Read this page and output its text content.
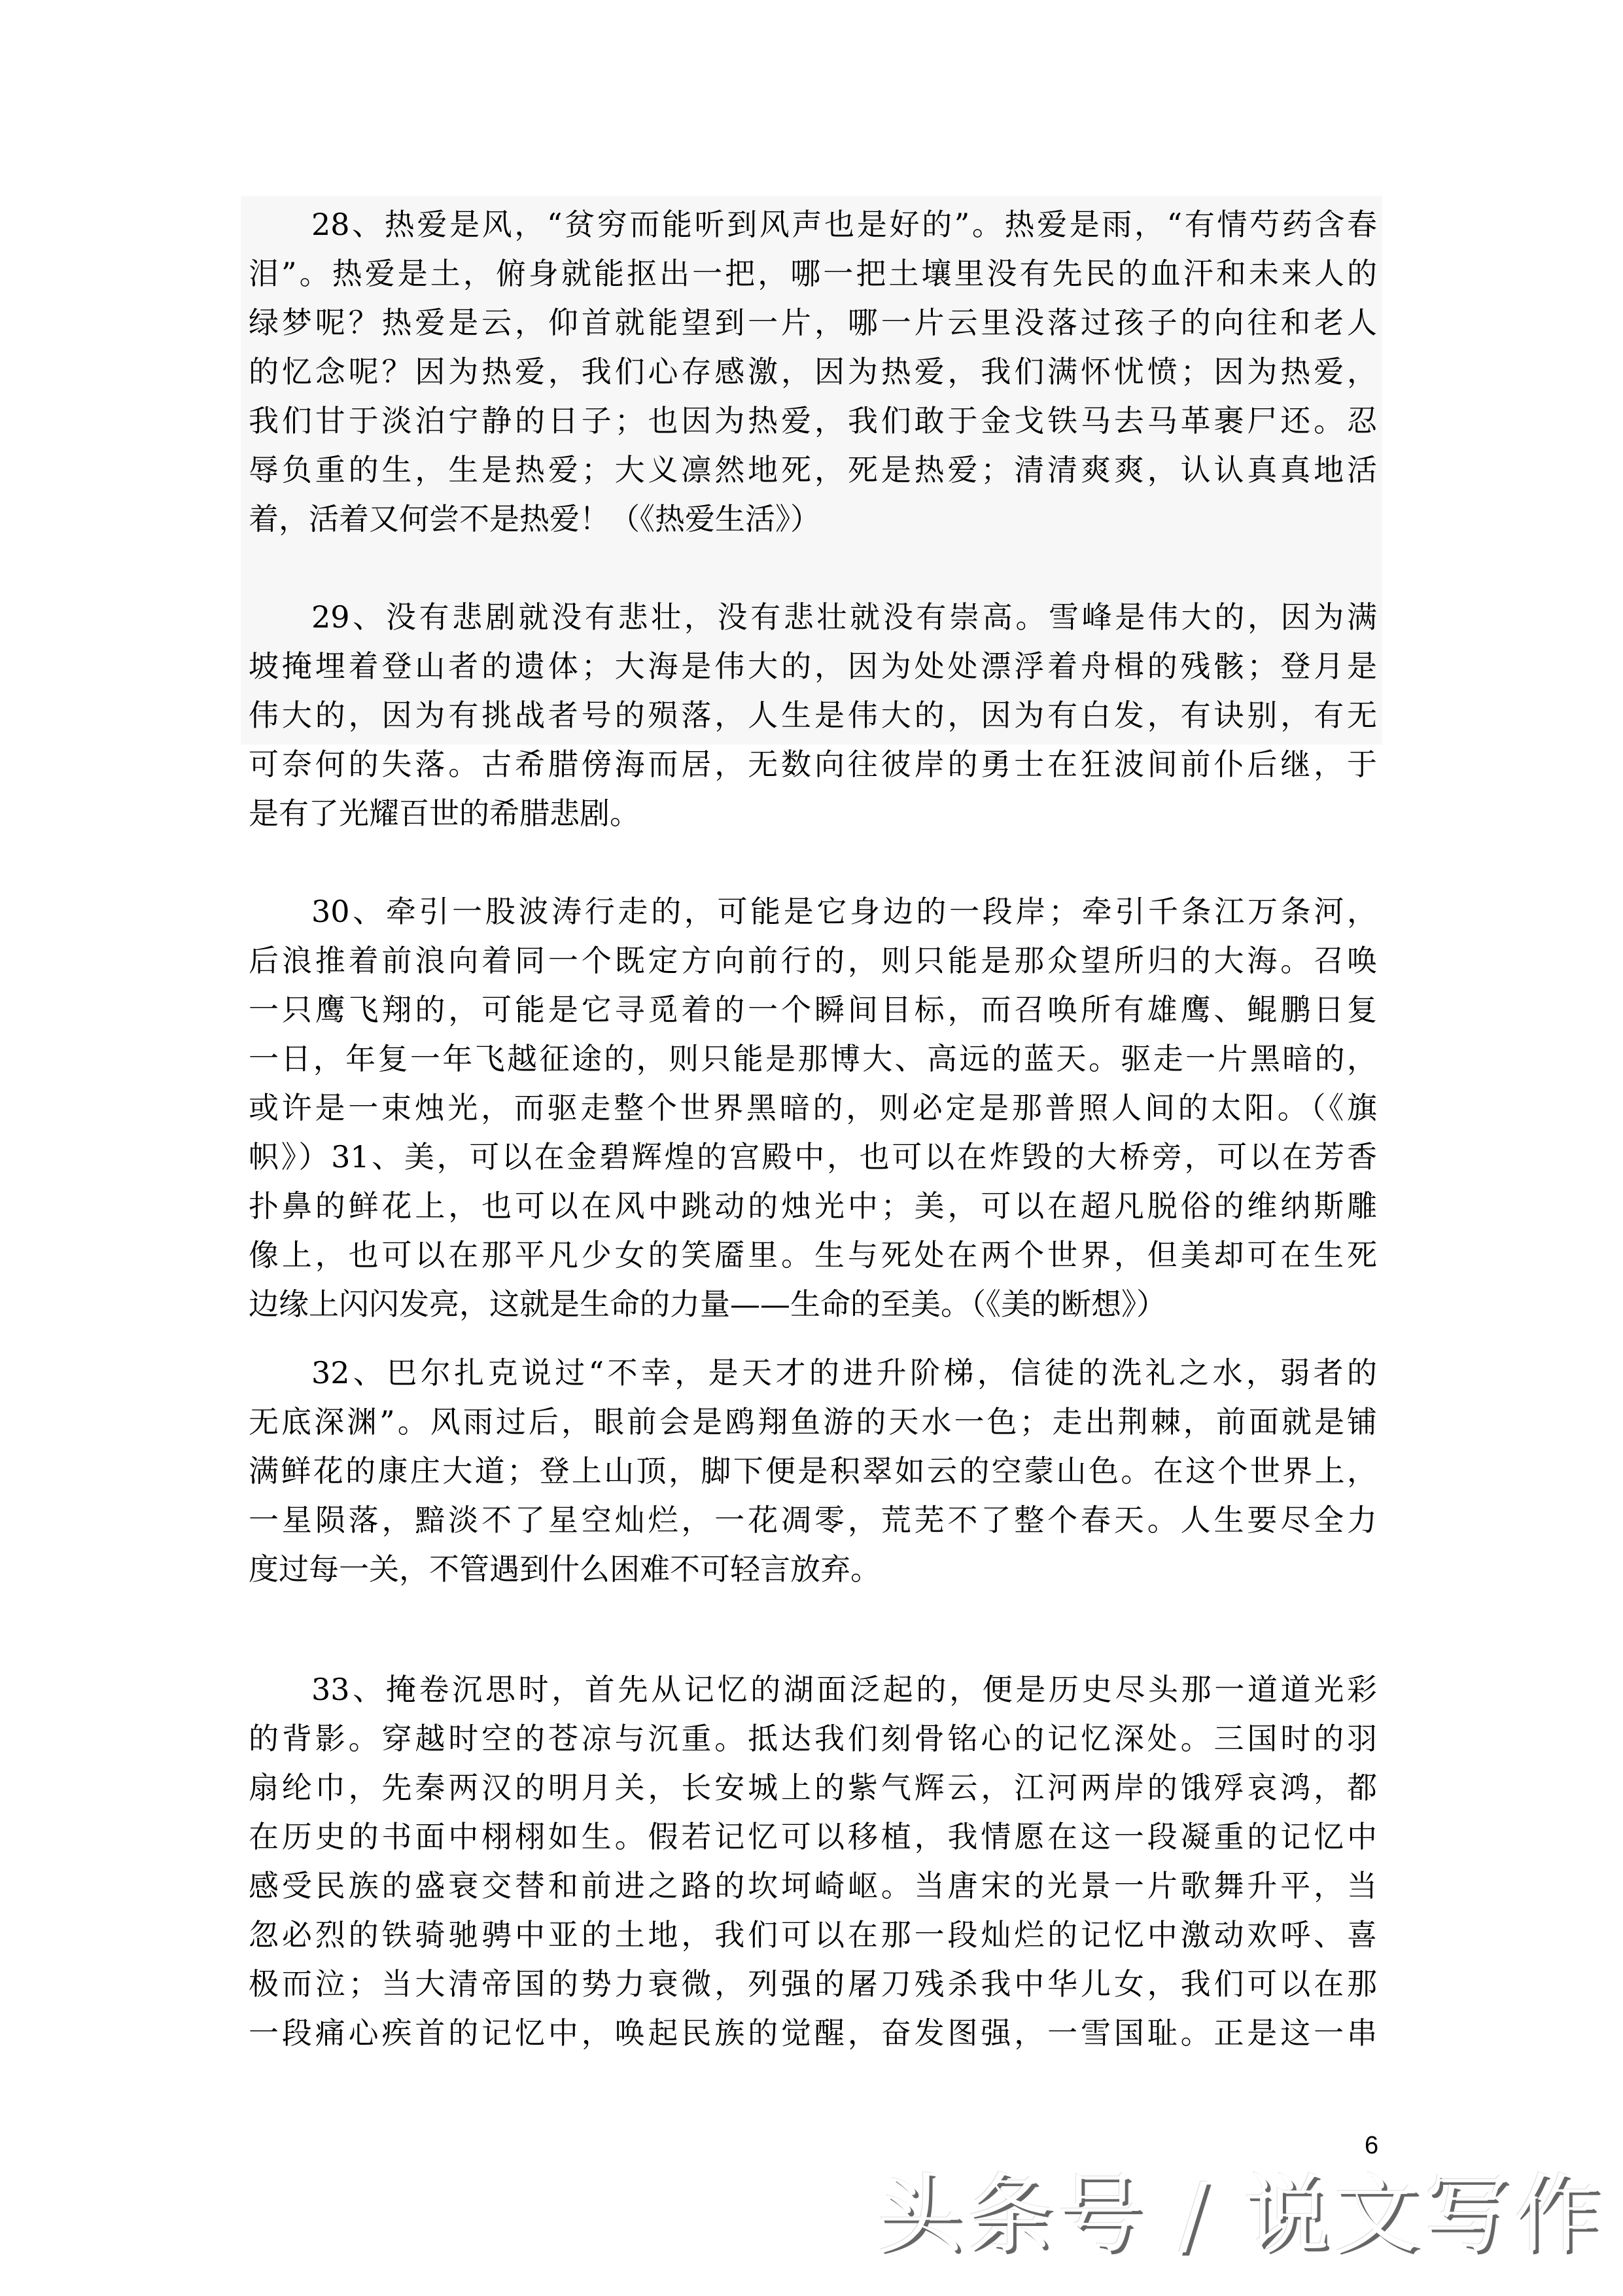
28、热爱是风，“贫穷而能听到风声也是好的”。热爱是雨，“有情芍药含春
泪”。热爱是土，俯身就能抠出一把，哪一把土壤里没有先民的血汗和未来人的
绿梦呢？热爱是云，仰首就能望到一片，哪一片云里没落过孩子的向往和老人
的忆念呢？因为热爱，我们心存感激，因为热爱，我们满怀忧愤；因为热爱，
我们甘于淡泊宁静的日子；也因为热爱，我们敢于金戈铁马去马革裹尸还。忍
辱负重的生，生是热爱；大义凛然地死，死是热爱；清清爽爽，认认真真地活
着，活着又何尝不是热爱！（《热爱生活》）
29、没有悲剧就没有悲壮，没有悲壮就没有崇高。雪峰是伟大的，因为满
坡掩埋着登山者的遗体；大海是伟大的，因为处处漂浮着舟楫的残骸；登月是
伟大的，因为有挑战者号的殒落，人生是伟大的，因为有白发，有诀别，有无
可奈何的失落。古希腊傍海而居，无数向往彼岸的勇士在狂波间前仆后继，于
是有了光耀百世的希腊悲剧。
30、牵引一股波涛行走的，可能是它身边的一段岸；牵引千条江万条河，
后浪推着前浪向着同一个既定方向前行的，则只能是那众望所归的大海。召唤
一只鹰飞翔的，可能是它寻觅着的一个瞬间目标，而召唤所有雄鹰、鲲鹏日复
一日，年复一年飞越征途的，则只能是那博大、高远的蓝天。驱走一片黑暗的，
或许是一束烛光，而驱走整个世界黑暗的，则必定是那普照人间的太阳。（《旗
帜》）31、美，可以在金碧辉煌的宫殿中，也可以在炸毁的大桥旁，可以在芳香
扑鼻的鲜花上，也可以在风中跳动的烛光中；美，可以在超凡脱俗的维纳斯雕
像上，也可以在那平凡少女的笑靥里。生与死处在两个世界，但美却可在生死
边缘上闪闪发亮，这就是生命的力量——生命的至美。（《美的断想》）
32、巴尔扎克说过“不幸，是天才的进升阶梯，信徒的洗礼之水，弱者的
无底深渊”。风雨过后，眼前会是鸥翔鱼游的天水一色；走出荆棘，前面就是铺
满鲜花的康庄大道；登上山顶，脚下便是积翠如云的空蒙山色。在这个世界上，
一星陨落，黯淡不了星空灿烂，一花凋零，荒芜不了整个春天。人生要尽全力
度过每一关，不管遇到什么困难不可轻言放弃。
33、掩卷沉思时，首先从记忆的湖面泛起的，便是历史尽头那一道道光彩
的背影。穿越时空的苍凉与沉重。抵达我们刻骨铭心的记忆深处。三国时的羽
扇纶巾，先秦两汉的明月关，长安城上的紫气辉云，江河两岸的饿殍哀鸿，都
在历史的书面中栩栩如生。假若记忆可以移植，我情愿在这一段凝重的记忆中
感受民族的盛衰交替和前进之路的坎坷崎岖。当唐宋的光景一片歌舞升平，当
忽必烈的铁骑驰骋中亚的土地，我们可以在那一段灿烂的记忆中激动欢呼、喜
极而泣；当大清帝国的势力衰微，列强的屠刀残杀我中华儿女，我们可以在那
一段痛心疾首的记忆中，唤起民族的觉醒，奋发图强，一雪国耻。正是这一串
6
头条号 / 说文写作
